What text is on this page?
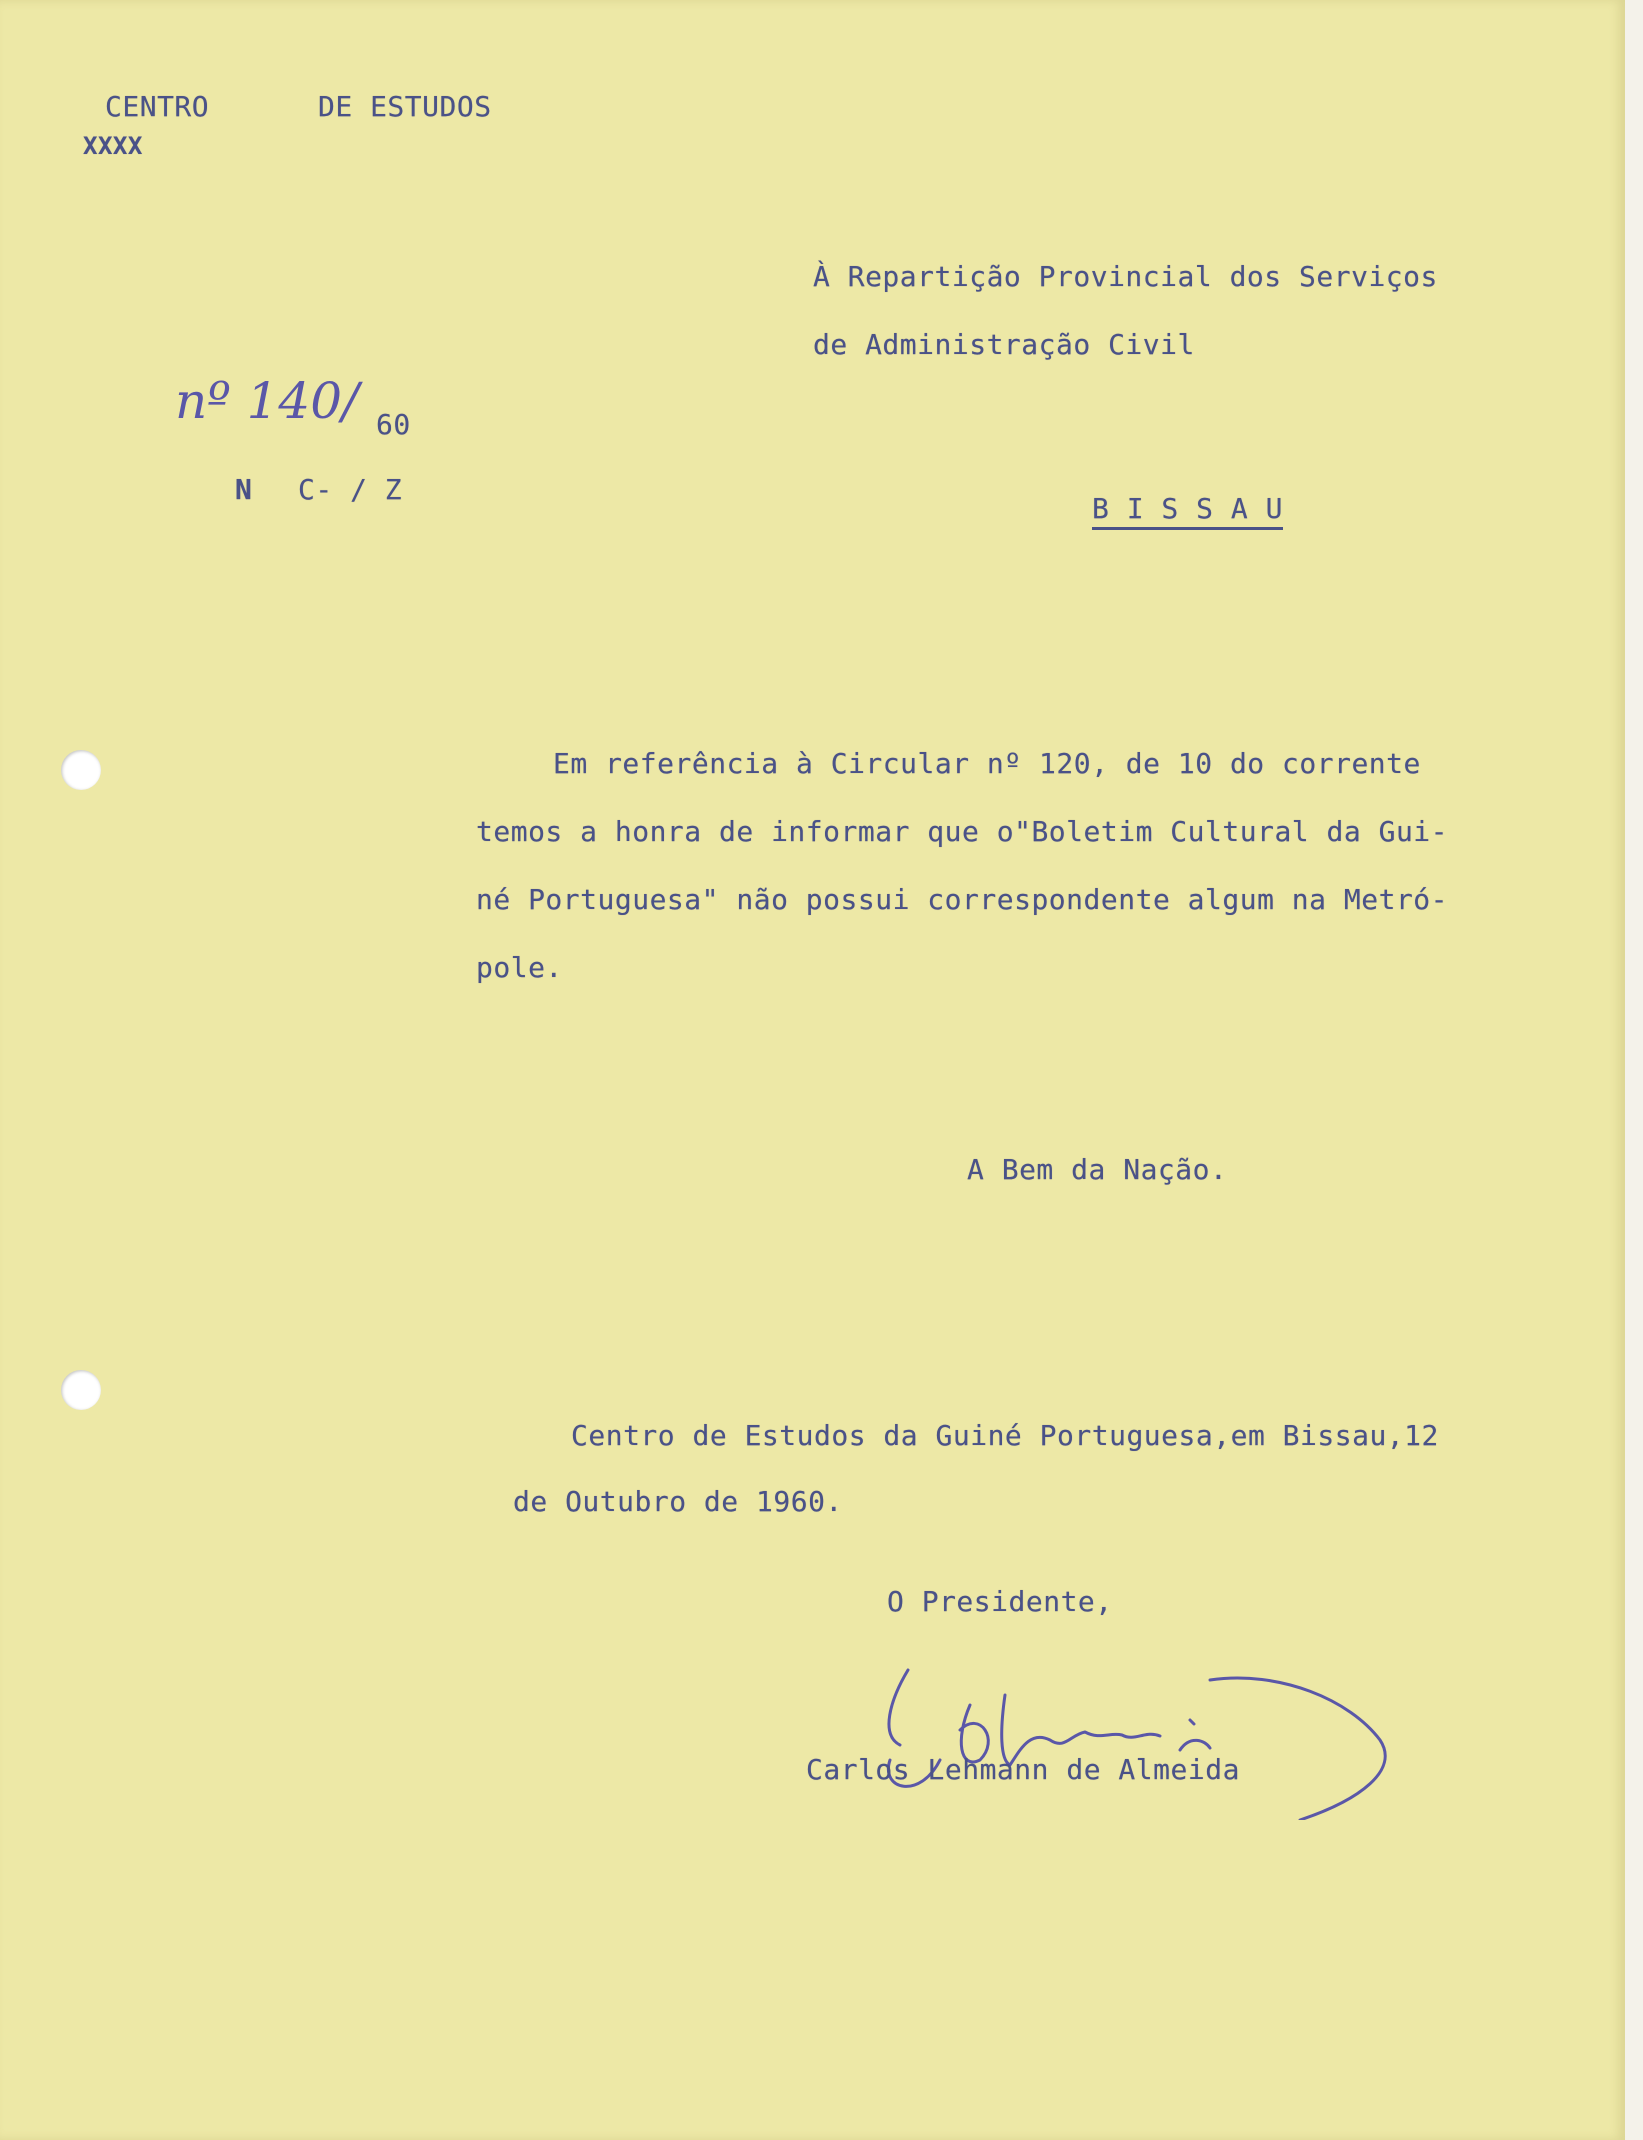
CENTRO	DE ESTUDOS
XXXX
nº 140/ 60
N C- / Z
À Repartição Provincial dos Serviços
de Administração Civil
B I S S A U
Em referência à Circular nº 120, de 10 do corrente
temos a honra de informar que o"Boletim Cultural da Gui-
né Portuguesa" não possui correspondente algum na Metró-
pole.
A Bem da Nação.
Centro de Estudos da Guiné Portuguesa,em Bissau,12
de Outubro de 1960.
O Presidente,
Carlos Lehmann de Almeida
